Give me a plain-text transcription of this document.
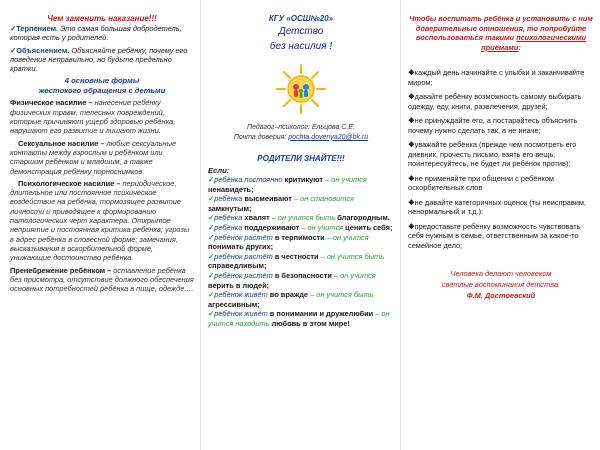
Чем заменить наказание!!!

✓Терпением. Это самая большая добродетель, которая есть у родителей.

✓Объяснением. Объясняйте ребёнку, почему его поведение неправильно, но будьте предельно кратки.

4 основные формы

жестокого обращения с детьми

Физическое насилие – нанесение ребёнку физических травм, телесных повреждений, которые причиняют ущерб здоровью ребёнка, нарушают его развитие и лишают жизни.

Сексуальное насилие – любые сексуальные контакты между взрослым и ребёнком или старшим ребёнком и младшим, а также демонстрация ребёнку порноснимков.

Психологическое насилие – периодическое, длительное или постоянное психическое воздействие на ребёнка, тормозящее развитие личности и приводящее к формированию патологических черт характера. Открытое неприятие и постоянная критика ребёнка; угрозы в адрес ребёнка в словесной форме; замечания, высказывания в оскорбительной форме, унижающие достоинство ребёнка.

Пренебрежение ребёнком – оставление ребёнка без присмотра, отсутствие должного обеспечения основных потребностей ребёнка в пище, одежде,…

КГУ «ОСШ№20»

Детство

без насилия !

Педагог–психолог: Ельцова С.Е.

Почта доверия: pochta.doveriya20@bk.ru

РОДИТЕЛИ ЗНАЙТЕ!!!

Если:

✓ребёнка постоянно критикуют – он учится ненавидеть;

✓ребёнка высмеивают – он становится замкнутым;

✓ребёнка хвалят – он учится быть благородным.

✓ребёнка поддерживают – он учится ценить себя;

✓ребёнок растёт в терпимости – он учится понимать других;

✓ребёнок растёт в честности – он учится быть справедливым;

✓ребёнок растёт в безопасности – он учится верить в людей;

✓ребёнок живёт во вражде – он учится быть агрессивным;

✓ребёнок живёт в понимании и дружелюбии – он учится находить любовь в этом мире!

Чтобы воспитать ребёнка и установить с ним доверительные отношения, то попробуйте воспользоваться такими психологическими приёмами:

❖каждый день начинайте с улыбки и заканчивайте миром;
❖давайте ребёнку возможность самому выбирать одежду, еду, книги, развлечения, друзей;
❖не принуждайте его, а постарайтесь объяснить почему нужно сделать так, а не иначе;
❖уважайте ребёнка (прежде чем посмотреть его дневник, прочесть письмо, взять его вещь, поинтересуйтесь, не будет ли ребёнок против);
❖не применяйте при общении с ребёнком оскорбительных слов
❖не давайте категоричных оценок (ты неисправим, ненормальный и т.д.);
❖предоставьте ребёнку возможность чувствовать себя нужным в семье, ответственным за какое-то семейное дело;

Человека делают человеком
светлые воспоминания детства.
Ф.М. Достоевский
